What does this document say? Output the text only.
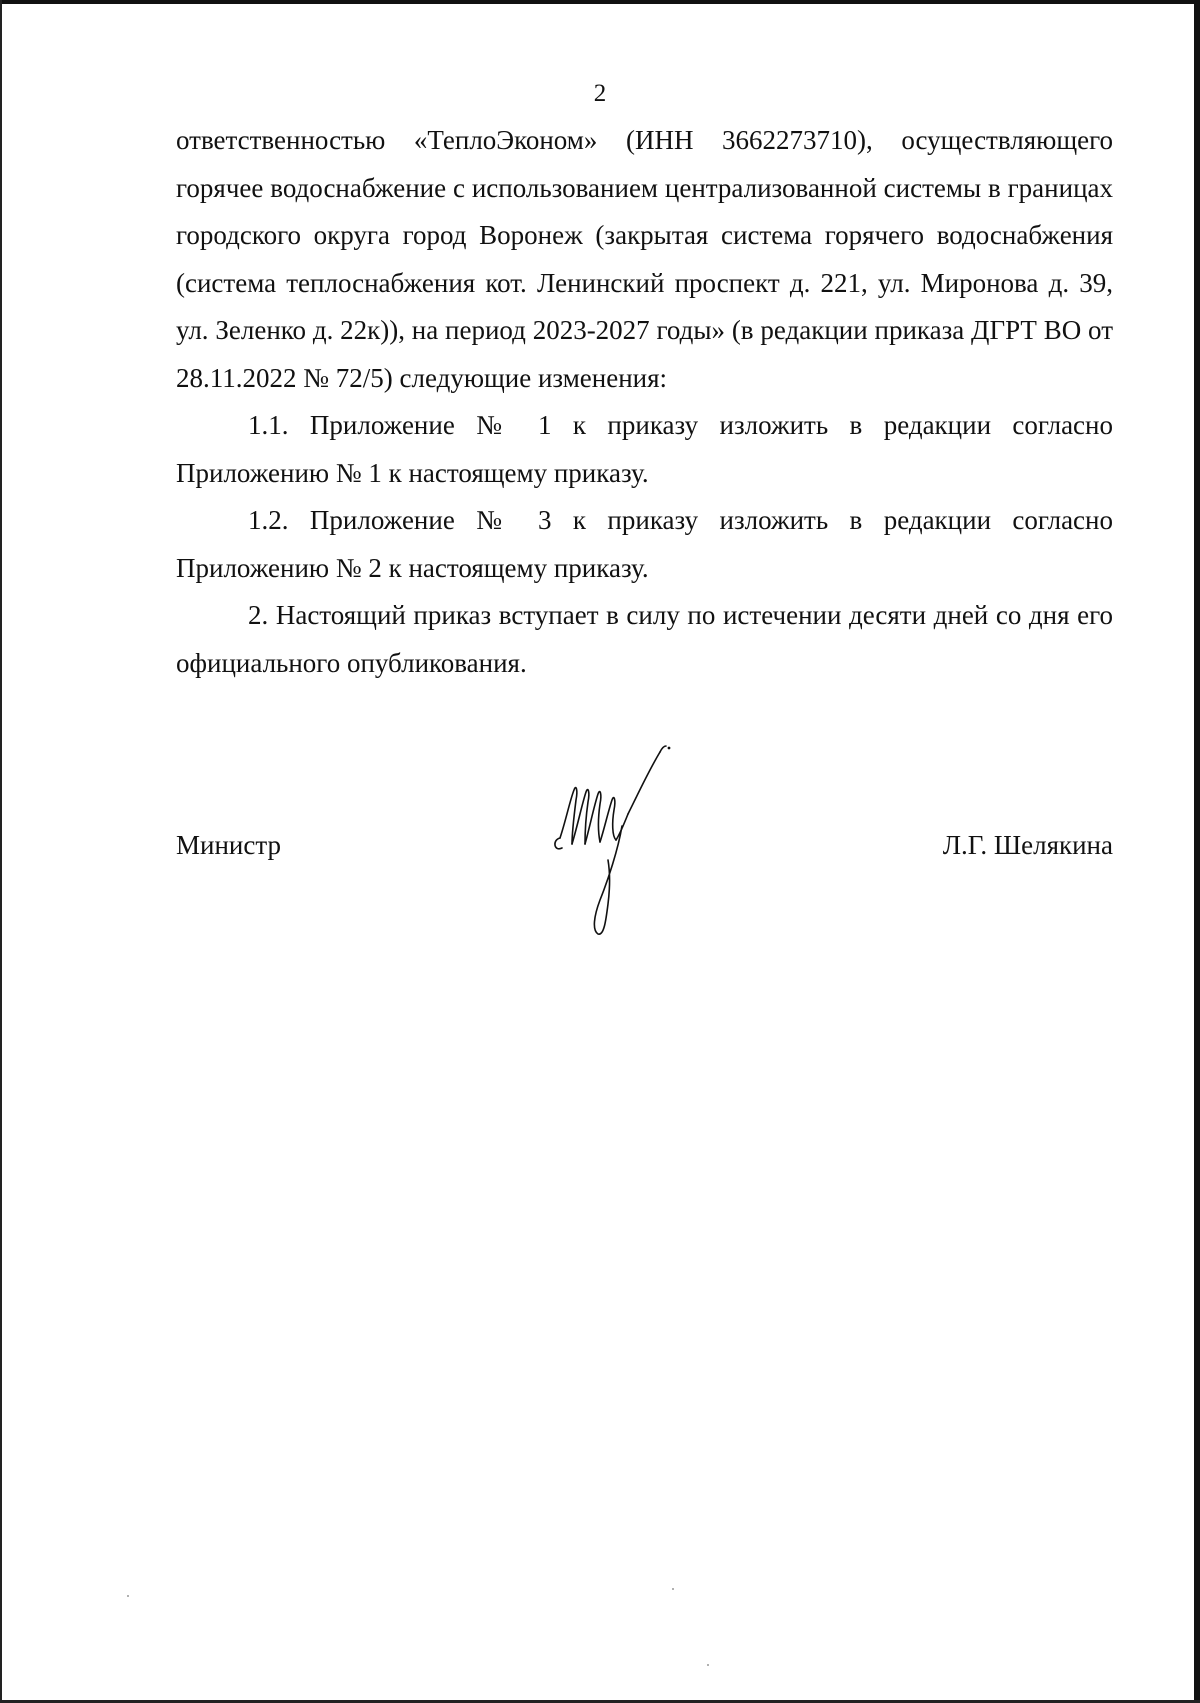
2

ответственностью «ТеплоЭконом» (ИНН 3662273710), осуществляющего горячее водоснабжение с использованием централизованной системы в границах городского округа город Воронеж (закрытая система горячего водоснабжения (система теплоснабжения кот. Ленинский проспект д. 221, ул. Миронова д. 39, ул. Зеленко д. 22к)), на период 2023-2027 годы» (в редакции приказа ДГРТ ВО от 28.11.2022 № 72/5) следующие изменения:

1.1. Приложение № 1 к приказу изложить в редакции согласно Приложению № 1 к настоящему приказу.

1.2. Приложение № 3 к приказу изложить в редакции согласно Приложению № 2 к настоящему приказу.

2. Настоящий приказ вступает в силу по истечении десяти дней со дня его официального опубликования.

Министр	Л.Г. Шелякина
